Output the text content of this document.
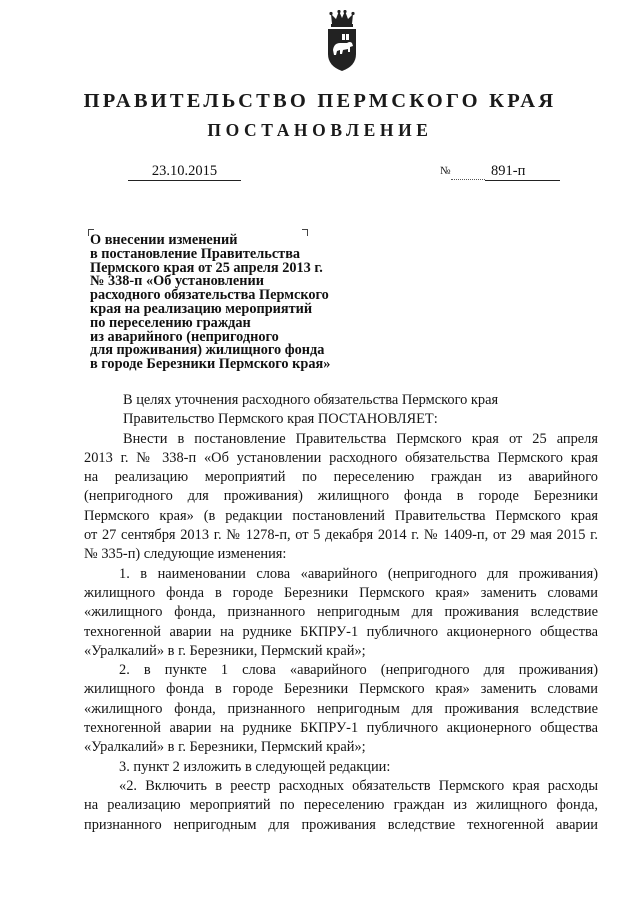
ПРАВИТЕЛЬСТВО ПЕРМСКОГО КРАЯ
ПОСТАНОВЛЕНИЕ
23.10.2015	№	891-п
О внесении изменений
в постановление Правительства
Пермского края от 25 апреля 2013 г.
№ 338-п «Об установлении
расходного обязательства Пермского
края на реализацию мероприятий
по переселению граждан
из аварийного (непригодного
для проживания) жилищного фонда
в городе Березники Пермского края»
В целях уточнения расходного обязательства Пермского края
Правительство Пермского края ПОСТАНОВЛЯЕТ:
Внести в постановление Правительства Пермского края от 25 апреля
2013 г. № 338-п «Об установлении расходного обязательства Пермского края
на реализацию мероприятий по переселению граждан из аварийного
(непригодного для проживания) жилищного фонда в городе Березники
Пермского края» (в редакции постановлений Правительства Пермского края
от 27 сентября 2013 г. № 1278-п, от 5 декабря 2014 г. № 1409-п, от 29 мая 2015 г.
№ 335-п) следующие изменения:
1. в наименовании слова «аварийного (непригодного для проживания)
жилищного фонда в городе Березники Пермского края» заменить словами
«жилищного фонда, признанного непригодным для проживания вследствие
техногенной аварии на руднике БКПРУ-1 публичного акционерного общества
«Уралкалий» в г. Березники, Пермский край»;
2. в пункте 1 слова «аварийного (непригодного для проживания)
жилищного фонда в городе Березники Пермского края» заменить словами
«жилищного фонда, признанного непригодным для проживания вследствие
техногенной аварии на руднике БКПРУ-1 публичного акционерного общества
«Уралкалий» в г. Березники, Пермский край»;
3. пункт 2 изложить в следующей редакции:
«2. Включить в реестр расходных обязательств Пермского края расходы
на реализацию мероприятий по переселению граждан из жилищного фонда,
признанного непригодным для проживания вследствие техногенной аварии
